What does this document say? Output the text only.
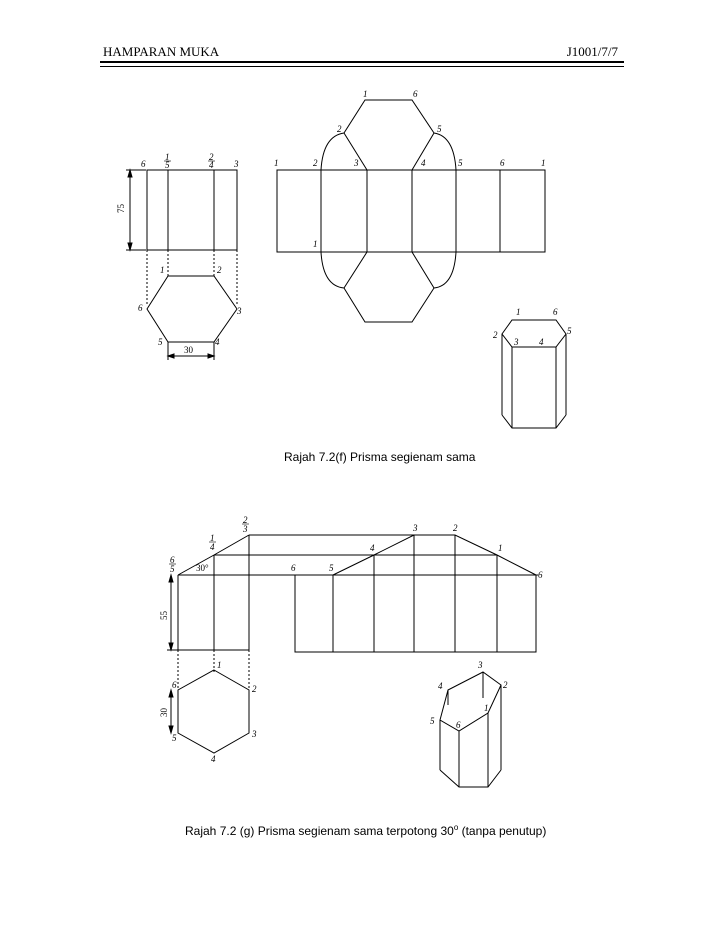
HAMPARAN MUKA	J1001/7/7
75
30
6
1
5
2
4 3
1	2
6	3
5	4
1	2	3	4	5	6	1
1	6
2	5
1
1	6
2	5
3 4
55
30°
30
2
3
1
4
6
5	6	5
4
3	2
1
6
1
2
6
3
5
4
3
4	2
5 6
1
Rajah 7.2(f) Prisma segienam sama
Rajah 7.2 (g) Prisma segienam sama terpotong 30$^o$ (tanpa penutup)
